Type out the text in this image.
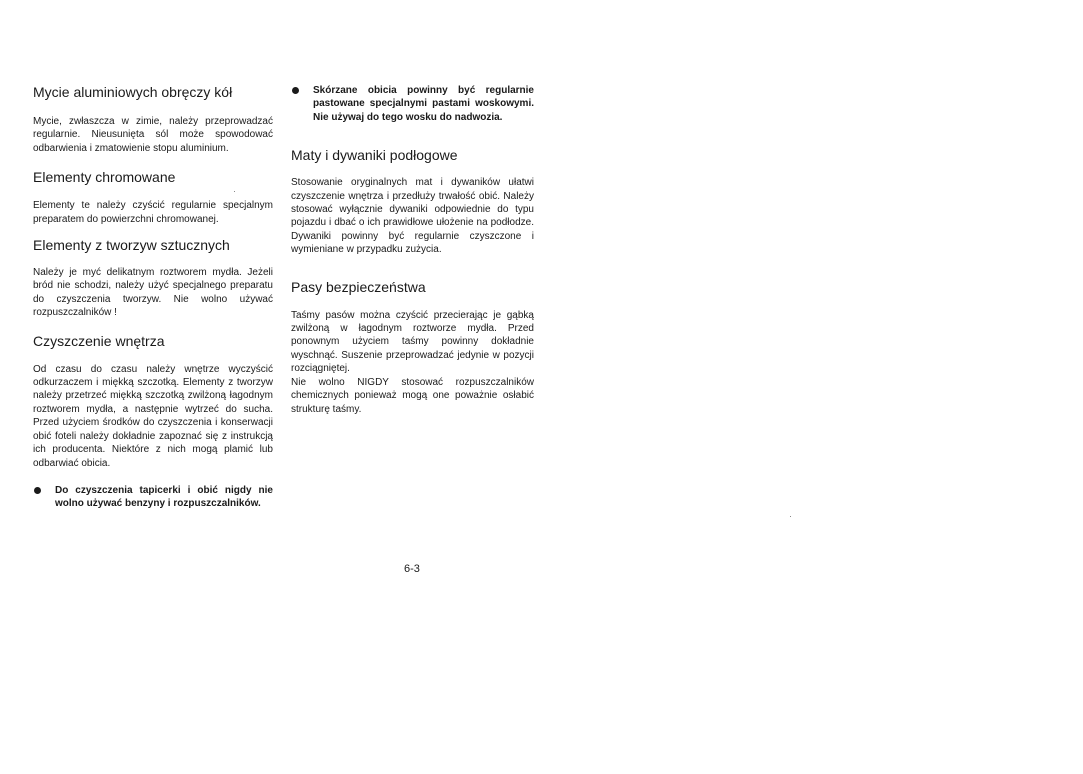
Mycie aluminiowych obręczy kół

Mycie, zwłaszcza w zimie, należy przeprowadzać regularnie. Nieusunięta sól może spowodować odbarwienia i zmatowienie stopu aluminium.

Elementy chromowane

Elementy te należy czyścić regularnie specjalnym preparatem do powierzchni chromowanej.

Elementy z tworzyw sztucznych

Należy je myć delikatnym roztworem mydła. Jeżeli bród nie schodzi, należy użyć specjalnego preparatu do czyszczenia tworzyw. Nie wolno używać rozpuszczalników !

Czyszczenie wnętrza

Od czasu do czasu należy wnętrze wyczyścić odkurzaczem i miękką szczotką. Elementy z tworzyw należy przetrzeć miękką szczotką zwilżoną łagodnym roztworem mydła, a następnie wytrzeć do sucha. Przed użyciem środków do czyszczenia i konserwacji obić foteli należy dokładnie zapoznać się z instrukcją ich producenta. Niektóre z nich mogą plamić lub odbarwiać obicia.

Do czyszczenia tapicerki i obić nigdy nie wolno używać benzyny i rozpuszczalników.

Skórzane obicia powinny być regularnie pastowane specjalnymi pastami woskowymi. Nie używaj do tego wosku do nadwozia.

Maty i dywaniki podłogowe

Stosowanie oryginalnych mat i dywaników ułatwi czyszczenie wnętrza i przedłuży trwałość obić. Należy stosować wyłącznie dywaniki odpowiednie do typu pojazdu i dbać o ich prawidłowe ułożenie na podłodze. Dywaniki powinny być regularnie czyszczone i wymieniane w przypadku zużycia.

Pasy bezpieczeństwa

Taśmy pasów można czyścić przecierając je gąbką zwilżoną w łagodnym roztworze mydła. Przed ponownym użyciem taśmy powinny dokładnie wyschnąć. Suszenie przeprowadzać jedynie w pozycji rozciągniętej.

Nie wolno NIGDY stosować rozpuszczalników chemicznych ponieważ mogą one poważnie osłabić strukturę taśmy.

6-3
